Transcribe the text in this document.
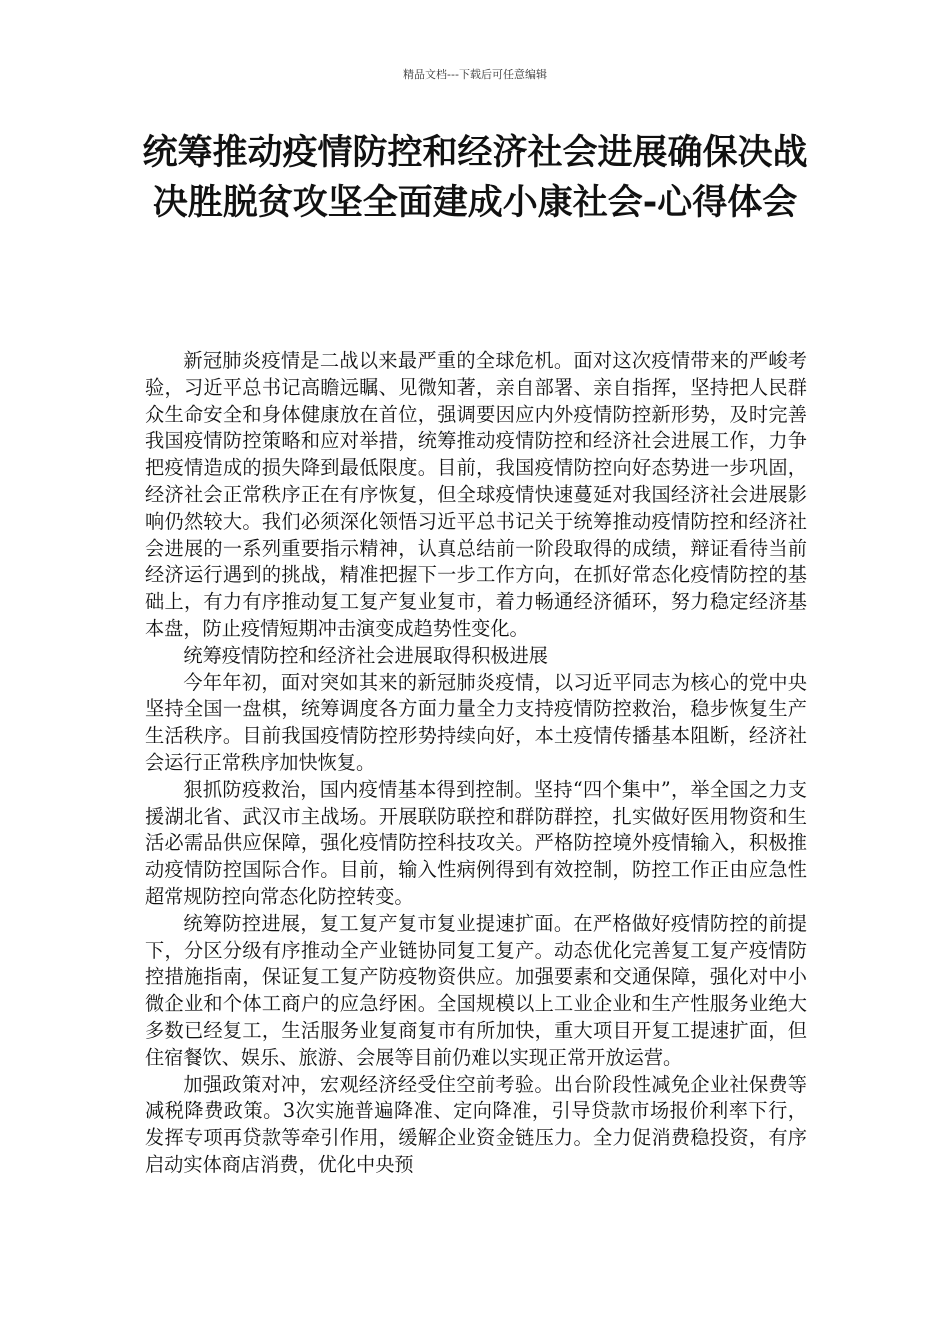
精品文档---下载后可任意编辑
统筹推动疫情防控和经济社会进展确保决战决胜脱贫攻坚全面建成小康社会-心得体会

新冠肺炎疫情是二战以来最严重的全球危机。面对这次疫情带来的严峻考验，习近平总书记高瞻远瞩、见微知著，亲自部署、亲自指挥，坚持把人民群众生命安全和身体健康放在首位，强调要因应内外疫情防控新形势，及时完善我国疫情防控策略和应对举措，统筹推动疫情防控和经济社会进展工作，力争把疫情造成的损失降到最低限度。目前，我国疫情防控向好态势进一步巩固，经济社会正常秩序正在有序恢复，但全球疫情快速蔓延对我国经济社会进展影响仍然较大。我们必须深化领悟习近平总书记关于统筹推动疫情防控和经济社会进展的一系列重要指示精神，认真总结前一阶段取得的成绩，辩证看待当前经济运行遇到的挑战，精准把握下一步工作方向，在抓好常态化疫情防控的基础上，有力有序推动复工复产复业复市，着力畅通经济循环，努力稳定经济基本盘，防止疫情短期冲击演变成趋势性变化。

统筹疫情防控和经济社会进展取得积极进展

今年年初，面对突如其来的新冠肺炎疫情，以习近平同志为核心的党中央坚持全国一盘棋，统筹调度各方面力量全力支持疫情防控救治，稳步恢复生产生活秩序。目前我国疫情防控形势持续向好，本土疫情传播基本阻断，经济社会运行正常秩序加快恢复。

狠抓防疫救治，国内疫情基本得到控制。坚持“四个集中”，举全国之力支援湖北省、武汉市主战场。开展联防联控和群防群控，扎实做好医用物资和生活必需品供应保障，强化疫情防控科技攻关。严格防控境外疫情输入，积极推动疫情防控国际合作。目前，输入性病例得到有效控制，防控工作正由应急性超常规防控向常态化防控转变。

统筹防控进展，复工复产复市复业提速扩面。在严格做好疫情防控的前提下，分区分级有序推动全产业链协同复工复产。动态优化完善复工复产疫情防控措施指南，保证复工复产防疫物资供应。加强要素和交通保障，强化对中小微企业和个体工商户的应急纾困。全国规模以上工业企业和生产性服务业绝大多数已经复工，生活服务业复商复市有所加快，重大项目开复工提速扩面，但住宿餐饮、娱乐、旅游、会展等目前仍难以实现正常开放运营。

加强政策对冲，宏观经济经受住空前考验。出台阶段性减免企业社保费等减税降费政策。3次实施普遍降准、定向降准，引导贷款市场报价利率下行，发挥专项再贷款等牵引作用，缓解企业资金链压力。全力促消费稳投资，有序启动实体商店消费，优化中央预
